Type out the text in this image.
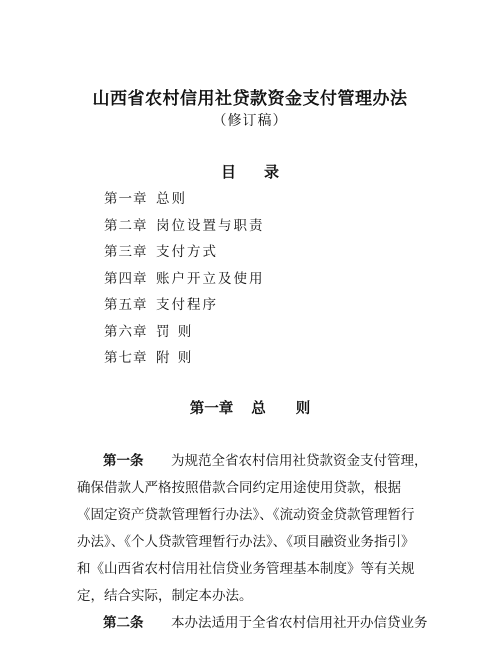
山西省农村信用社贷款资金支付管理办法
（修订稿）
目 录
第一章 总则
第二章 岗位设置与职责
第三章 支付方式
第四章 账户开立及使用
第五章 支付程序
第六章 罚 则
第七章 附 则
第一章 总 则
第一条 为规范全省农村信用社贷款资金支付管理，
确保借款人严格按照借款合同约定用途使用贷款，根据
《固定资产贷款管理暂行办法》、《流动资金贷款管理暂行
办法》、《个人贷款管理暂行办法》、《项目融资业务指引》
和《山西省农村信用社信贷业务管理基本制度》等有关规
定，结合实际，制定本办法。
第二条 本办法适用于全省农村信用社开办信贷业务
